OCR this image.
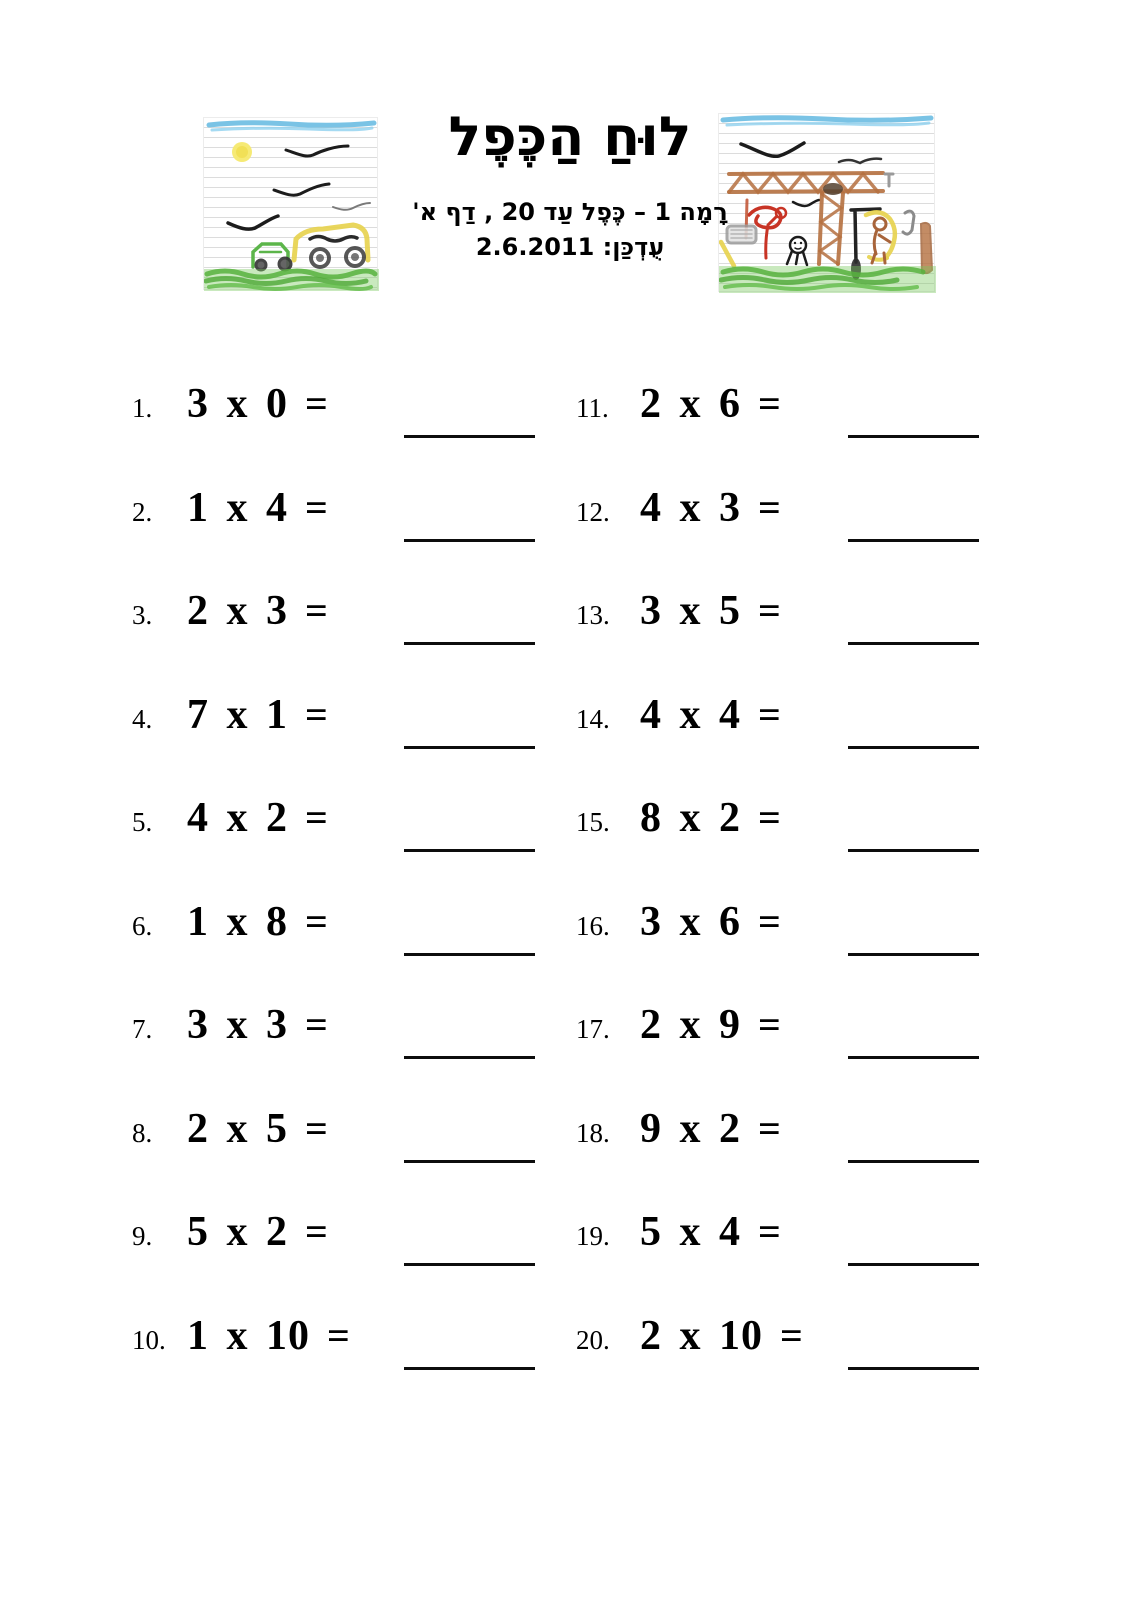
לוּחַ הַכֶּפֶל
רָמָה 1 – כֶּפֶל עַד 20 , דַף א'
עֻדְכַּן: 2.6.2011
1. 3 x 0 =
2. 1 x 4 =
3. 2 x 3 =
4. 7 x 1 =
5. 4 x 2 =
6. 1 x 8 =
7. 3 x 3 =
8. 2 x 5 =
9. 5 x 2 =
10. 1 x 10 =
11. 2 x 6 =
12. 4 x 3 =
13. 3 x 5 =
14. 4 x 4 =
15. 8 x 2 =
16. 3 x 6 =
17. 2 x 9 =
18. 9 x 2 =
19. 5 x 4 =
20. 2 x 10 =
